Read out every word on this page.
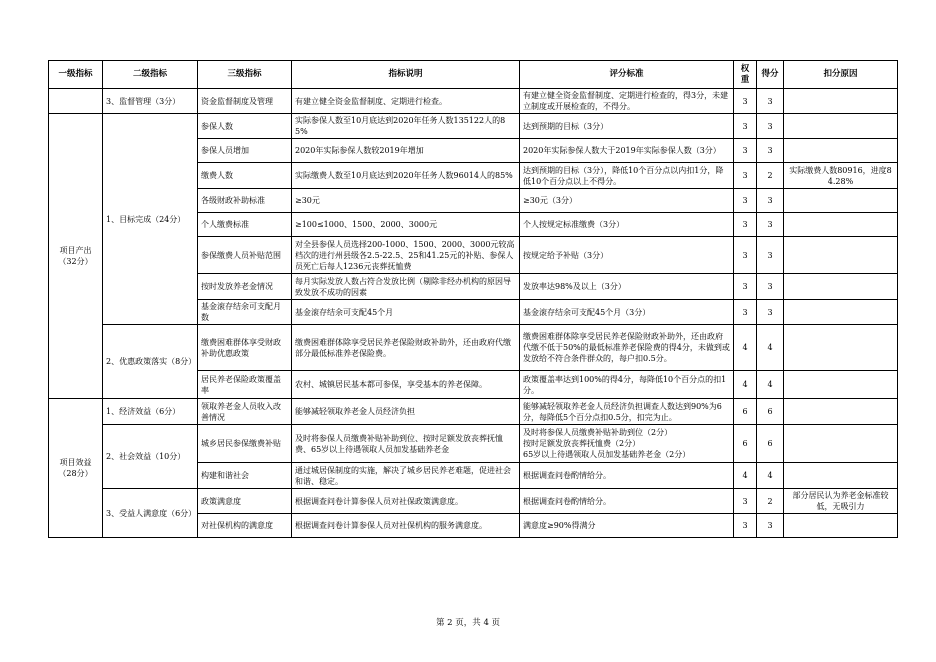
一级指标	二级指标	三级指标	指标说明	评分标准	权重	得分	扣分原因
	3、监督管理（3分）	资金监督制度及管理	有建立健全资金监督制度、定期进行检查。	有建立健全资金监督制度、定期进行检查的，得3分，未建立制度或开展检查的，不得分。	3	3	
项目产出
（32分）	1、目标完成（24分）	参保人数	实际参保人数至10月底达到2020年任务人数135122人的85%	达到预期的目标（3分）	3	3	
		参保人员增加	2020年实际参保人数较2019年增加	2020年实际参保人数大于2019年实际参保人数（3分）	3	3	
		缴费人数	实际缴费人数至10月底达到2020年任务人数96014人的85%	达到预期的目标（3分），降低10个百分点以内扣1分，降低10个百分点以上不得分。	3	2	实际缴费人数80916，进度84.28%
		各级财政补助标准	≥30元	≥30元（3分）	3	3	
		个人缴费标准	≥100≤1000、1500、2000、3000元	个人按规定标准缴费（3分）	3	3	
		参保缴费人员补贴范围	对全县参保人员选择200-1000、1500、2000、3000元较高档次的进行州县级各2.5-22.5、25和41.25元的补贴、参保人员死亡后每人1236元丧葬抚恤费	按规定给予补贴（3分）	3	3	
		按时发放养老金情况	每月实际发放人数占符合发放比例（剔除非经办机构的原因导致发放不成功的因素	发放率达98%及以上（3分）	3	3	
		基金滚存结余可支配月数	基金滚存结余可支配45个月	基金滚存结余可支配45个月（3分）	3	3	
	2、优惠政策落实（8分）	缴费困难群体享受财政补助优惠政策	缴费困难群体除享受居民养老保险财政补助外，还由政府代缴部分最低标准养老保险费。	缴费困难群体除享受居民养老保险财政补助外，还由政府代缴不低于50%的最低标准养老保险费的得4分，未做到或发放给不符合条件群众的，每户扣0.5分。	4	4	
		居民养老保险政策覆盖率	农村、城镇居民基本都可参保，享受基本的养老保障。	政策覆盖率达到100%的得4分，每降低10个百分点的扣1分。	4	4	
项目效益
（28分）	1、经济效益（6分）	领取养老金人员收入改善情况	能够减轻领取养老金人员经济负担	能够减轻领取养老金人员经济负担调查人数达到90%为6分，每降低5个百分点扣0.5分，扣完为止。	6	6	
	2、社会效益（10分）	城乡居民参保缴费补贴	及时将参保人员缴费补贴补助到位、按时足额发放丧葬抚恤费、65岁以上待遇领取人员加发基础养老金	及时将参保人员缴费补贴补助到位（2分）
按时足额发放丧葬抚恤费（2分）
65岁以上待遇领取人员加发基础养老金（2分）	6	6	
		构建和谐社会	通过城居保制度的实施，解决了城乡居民养老难题，促进社会和谐、稳定。	根据调查问卷酌情给分。	4	4	
	3、受益人满意度（6分）	政策满意度	根据调查问卷计算参保人员对社保政策满意度。	根据调查问卷酌情给分。	3	2	部分居民认为养老金标准较低，无吸引力
		对社保机构的满意度	根据调查问卷计算参保人员对社保机构的服务满意度。	满意度≥90%得满分	3	3	
第 2 页，共 4 页
